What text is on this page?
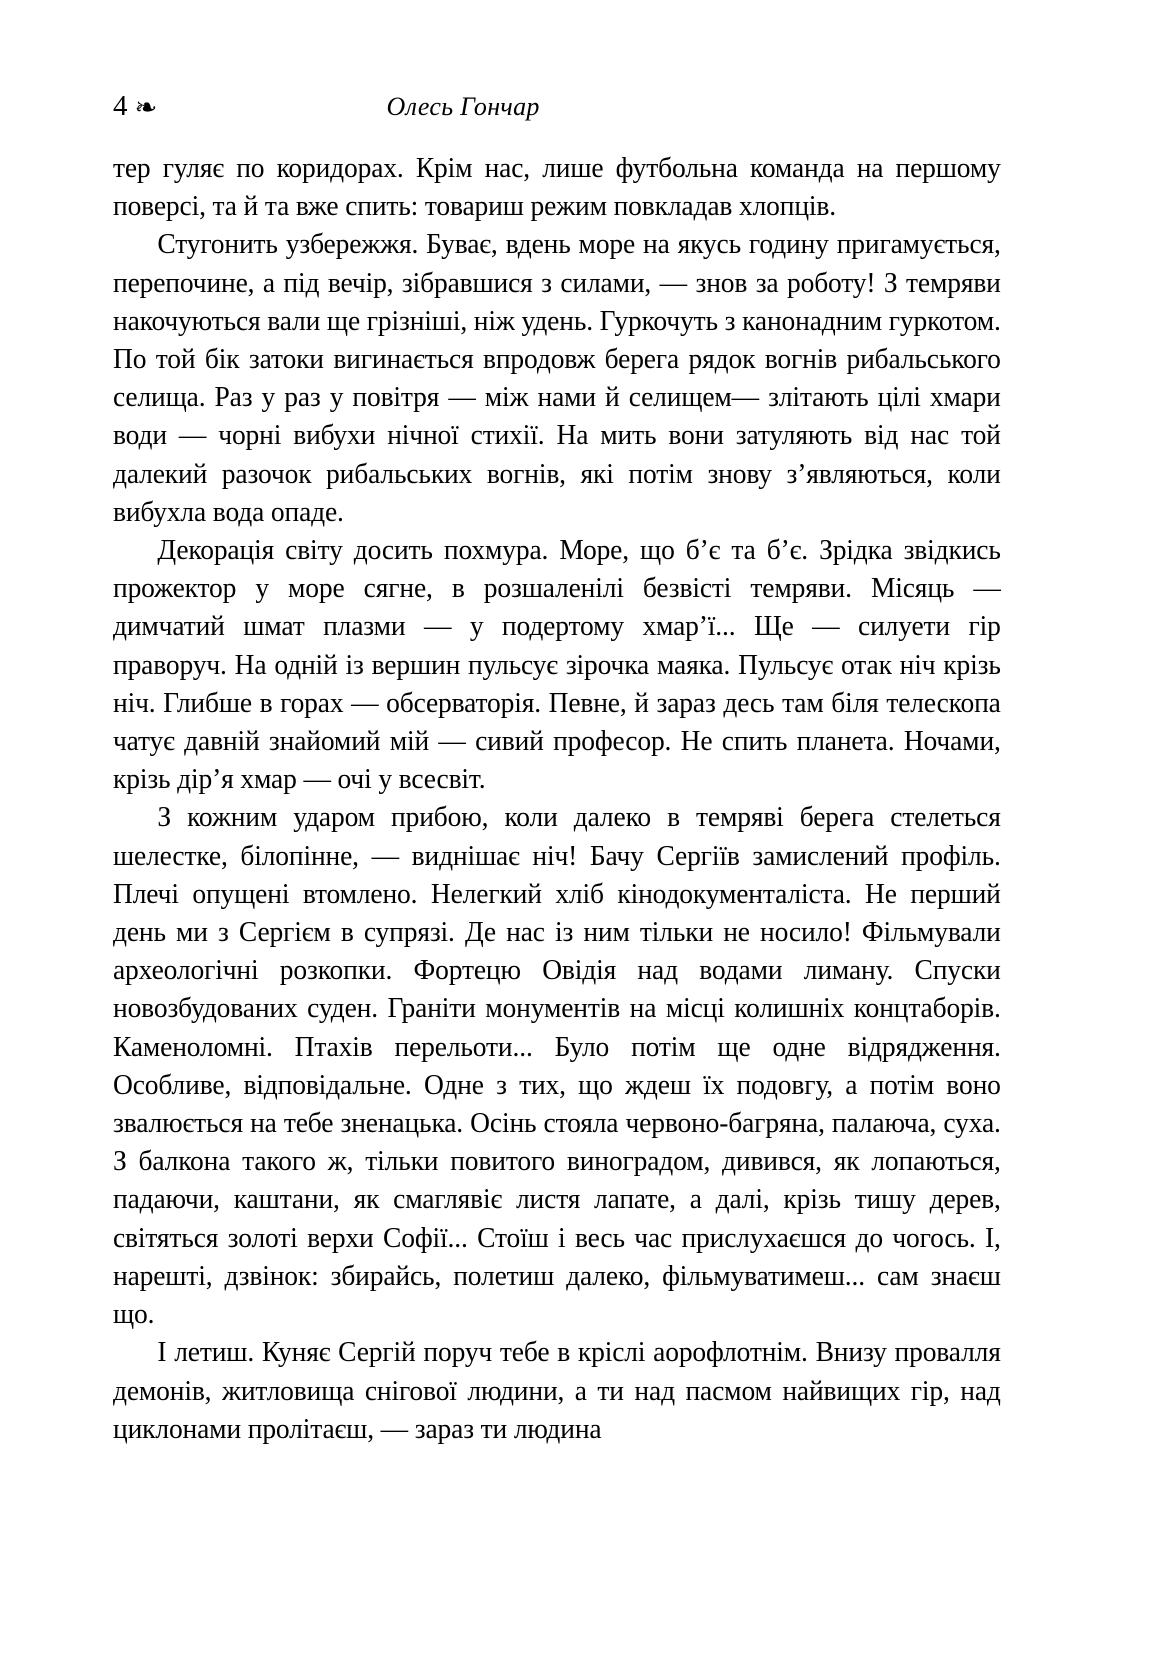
4 ❧	Олесь Гончар

тер гуляє по коридорах. Крім нас, лише футбольна команда на першому поверсі, та й та вже спить: товариш режим повкладав хлопців.

Стугонить узбережжя. Буває, вдень море на якусь годину пригамується, перепочине, а під вечір, зібравшися з силами, — знов за роботу! З темряви накочуються вали ще грізніші, ніж удень. Гуркочуть з канонадним гуркотом. По той бік затоки вигинається впродовж берега рядок вогнів рибальського селища. Раз у раз у повітря — між нами й селищем— злітають цілі хмари води — чорні вибухи нічної стихії. На мить вони затуляють від нас той далекий разочок рибальських вогнів, які потім знову з’являються, коли вибухла вода опаде.

Декорація світу досить похмура. Море, що б’є та б’є. Зрідка звідкись прожектор у море сягне, в розшаленілі безвісті темряви. Місяць — димчатий шмат плазми — у подертому хмар’ї... Ще — силуети гір праворуч. На одній із вершин пульсує зірочка маяка. Пульсує отак ніч крізь ніч. Глибше в горах — обсерваторія. Певне, й зараз десь там біля телескопа чатує давній знайомий мій — сивий професор. Не спить планета. Ночами, крізь дір’я хмар — очі у всесвіт.

З кожним ударом прибою, коли далеко в темряві берега стелеться шелестке, білопінне, — виднішає ніч! Бачу Сергіїв замислений профіль. Плечі опущені втомлено. Нелегкий хліб кінодокументаліста. Не перший день ми з Сергієм в супрязі. Де нас із ним тільки не носило! Фільмували археологічні розкопки. Фортецю Овідія над водами лиману. Спуски новозбудованих суден. Граніти монументів на місці колишніх концтаборів. Каменоломні. Птахів перельоти... Було потім ще одне відрядження. Особливе, відповідальне. Одне з тих, що ждеш їх подовгу, а потім воно звалюється на тебе зненацька. Осінь стояла червоно-багряна, палаюча, суха. З балкона такого ж, тільки повитого виноградом, дивився, як лопаються, падаючи, каштани, як смаглявіє листя лапате, а далі, крізь тишу дерев, світяться золоті верхи Софії... Стоїш і весь час прислухаєшся до чогось. І, нарешті, дзвінок: збирайсь, полетиш далеко, фільмуватимеш... сам знаєш що.

І летиш. Куняє Сергій поруч тебе в кріслі аорофлотнім. Внизу провалля демонів, житловища снігової людини, а ти над пасмом найвищих гір, над циклонами пролітаєш, — зараз ти людина
